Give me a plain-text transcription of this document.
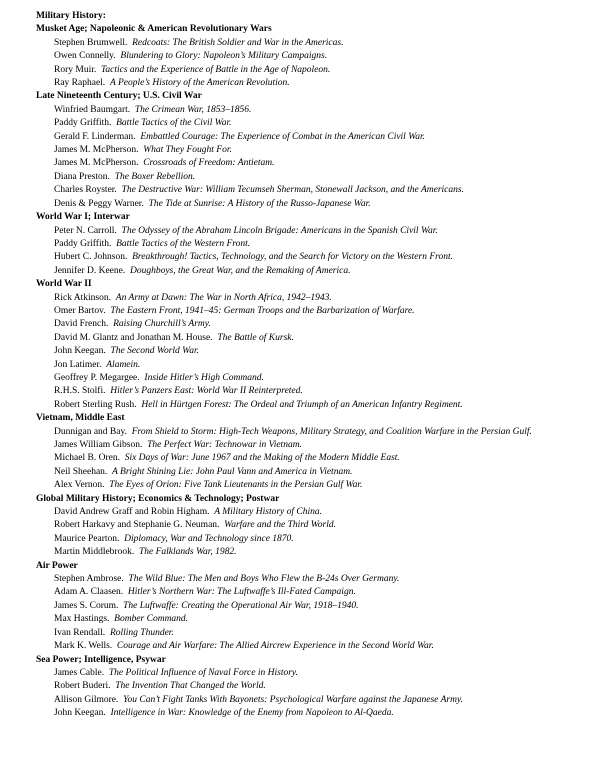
Military History:
Musket Age; Napoleonic & American Revolutionary Wars
Stephen Brumwell. Redcoats: The British Soldier and War in the Americas.
Owen Connelly. Blundering to Glory: Napoleon’s Military Campaigns.
Rory Muir. Tactics and the Experience of Battle in the Age of Napoleon.
Ray Raphael. A People’s History of the American Revolution.
Late Nineteenth Century; U.S. Civil War
Winfried Baumgart. The Crimean War, 1853–1856.
Paddy Griffith. Battle Tactics of the Civil War.
Gerald F. Linderman. Embattled Courage: The Experience of Combat in the American Civil War.
James M. McPherson. What They Fought For.
James M. McPherson. Crossroads of Freedom: Antietam.
Diana Preston. The Boxer Rebellion.
Charles Royster. The Destructive War: William Tecumseh Sherman, Stonewall Jackson, and the Americans.
Denis & Peggy Warner. The Tide at Sunrise: A History of the Russo-Japanese War.
World War I; Interwar
Peter N. Carroll. The Odyssey of the Abraham Lincoln Brigade: Americans in the Spanish Civil War.
Paddy Griffith. Battle Tactics of the Western Front.
Hubert C. Johnson. Breakthrough! Tactics, Technology, and the Search for Victory on the Western Front.
Jennifer D. Keene. Doughboys, the Great War, and the Remaking of America.
World War II
Rick Atkinson. An Army at Dawn: The War in North Africa, 1942–1943.
Omer Bartov. The Eastern Front, 1941–45: German Troops and the Barbarization of Warfare.
David French. Raising Churchill’s Army.
David M. Glantz and Jonathan M. House. The Battle of Kursk.
John Keegan. The Second World War.
Jon Latimer. Alamein.
Geoffrey P. Megargee. Inside Hitler’s High Command.
R.H.S. Stolfi. Hitler’s Panzers East: World War II Reinterpreted.
Robert Sterling Rush. Hell in Hürtgen Forest: The Ordeal and Triumph of an American Infantry Regiment.
Vietnam, Middle East
Dunnigan and Bay. From Shield to Storm: High-Tech Weapons, Military Strategy, and Coalition Warfare in the Persian Gulf.
James William Gibson. The Perfect War: Technowar in Vietnam.
Michael B. Oren. Six Days of War: June 1967 and the Making of the Modern Middle East.
Neil Sheehan. A Bright Shining Lie: John Paul Vann and America in Vietnam.
Alex Vernon. The Eyes of Orion: Five Tank Lieutenants in the Persian Gulf War.
Global Military History; Economics & Technology; Postwar
David Andrew Graff and Robin Higham. A Military History of China.
Robert Harkavy and Stephanie G. Neuman. Warfare and the Third World.
Maurice Pearton. Diplomacy, War and Technology since 1870.
Martin Middlebrook. The Falklands War, 1982.
Air Power
Stephen Ambrose. The Wild Blue: The Men and Boys Who Flew the B-24s Over Germany.
Adam A. Claasen. Hitler’s Northern War: The Luftwaffe’s Ill-Fated Campaign.
James S. Corum. The Luftwaffe: Creating the Operational Air War, 1918–1940.
Max Hastings. Bomber Command.
Ivan Rendall. Rolling Thunder.
Mark K. Wells. Courage and Air Warfare: The Allied Aircrew Experience in the Second World War.
Sea Power; Intelligence, Psywar
James Cable. The Political Influence of Naval Force in History.
Robert Buderi. The Invention That Changed the World.
Allison Gilmore. You Can’t Fight Tanks With Bayonets: Psychological Warfare against the Japanese Army.
John Keegan. Intelligence in War: Knowledge of the Enemy from Napoleon to Al-Qaeda.
